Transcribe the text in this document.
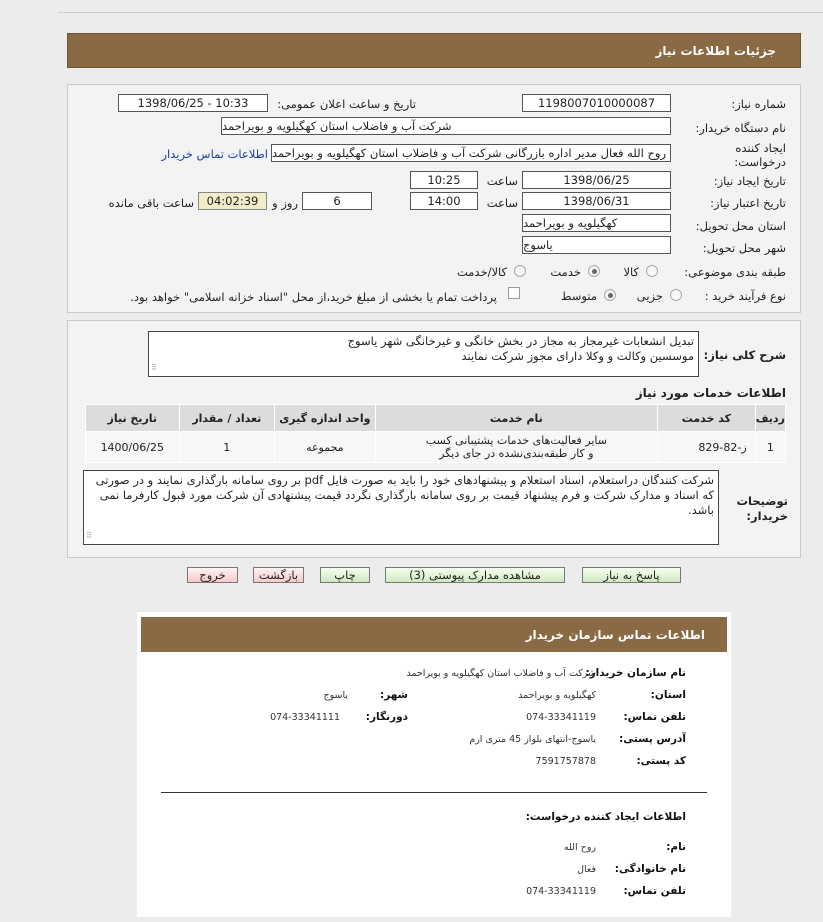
جزئیات اطلاعات نیاز
شماره نیاز:
1198007010000087
تاریخ و ساعت اعلان عمومی:
1398/06/25 - 10:33
نام دستگاه خریدار:
شرکت آب و فاضلاب استان کهگیلویه و بویراحمد
ایجاد کننده درخواست:
روح الله فعال مدیر اداره بازرگانی شرکت آب و فاضلاب استان کهگیلویه و بویراحمد
اطلاعات تماس خریدار
تاریخ ایجاد نیاز:
1398/06/25
ساعت
10:25
تاریخ اعتبار نیاز:
1398/06/31
ساعت
14:00
6
روز و
04:02:39
ساعت باقی مانده
استان محل تحویل:
کهگیلویه و بویراحمد
شهر محل تحویل:
یاسوج
طبقه بندی موضوعی:
کالا
خدمت
کالا/خدمت
نوع فرآیند خرید :
جزیی
متوسط
پرداخت تمام یا بخشی از مبلغ خرید،از محل "اسناد خزانه اسلامی" خواهد بود.
شرح کلی نیاز:
تبدیل انشعابات غیرمجاز به مجاز در بخش خانگی و غیرخانگی شهر یاسوج
موسسین وکالت و وکلا دارای مجوز شرکت نمایند
⠿
اطلاعات خدمات مورد نیاز
ردیف	کد خدمت	نام خدمت	واحد اندازه گیری	تعداد / مقدار	تاریخ نیاز
1	ز-82-829	سایر فعالیت‌های خدمات پشتیبانی کسب و کار طبقه‌بندی‌نشده در جای دیگر	مجموعه	1	1400/06/25
توضیحات خریدار:
شرکت کنندگان دراستعلام، اسناد استعلام و پیشنهادهای خود را باید به صورت فایل pdf بر روی سامانه بارگذاری نمایند و در صورتی که اسناد و مدارک شرکت و فرم پیشنهاد قیمت بر روی سامانه بارگذاری نگردد قیمت پیشنهادی آن شرکت مورد قبول کارفرما نمی باشد.
⠿
پاسخ به نیاز
مشاهده مدارک پیوستی (3)
چاپ
بازگشت
خروج
اطلاعات تماس سازمان خریدار
نام سازمان خریدار:
شرکت آب و فاضلاب استان کهگیلویه و بویراحمد
استان:
کهگیلویه و بویراحمد
شهر:
یاسوج
تلفن تماس:
074-33341119
دورنگار:
074-33341111
آدرس پستی:
یاسوج-انتهای بلوار 45 متری ارم
کد پستی:
7591757878
اطلاعات ایجاد کننده درخواست:
نام:
روح الله
نام خانوادگی:
فعال
تلفن تماس:
074-33341119
